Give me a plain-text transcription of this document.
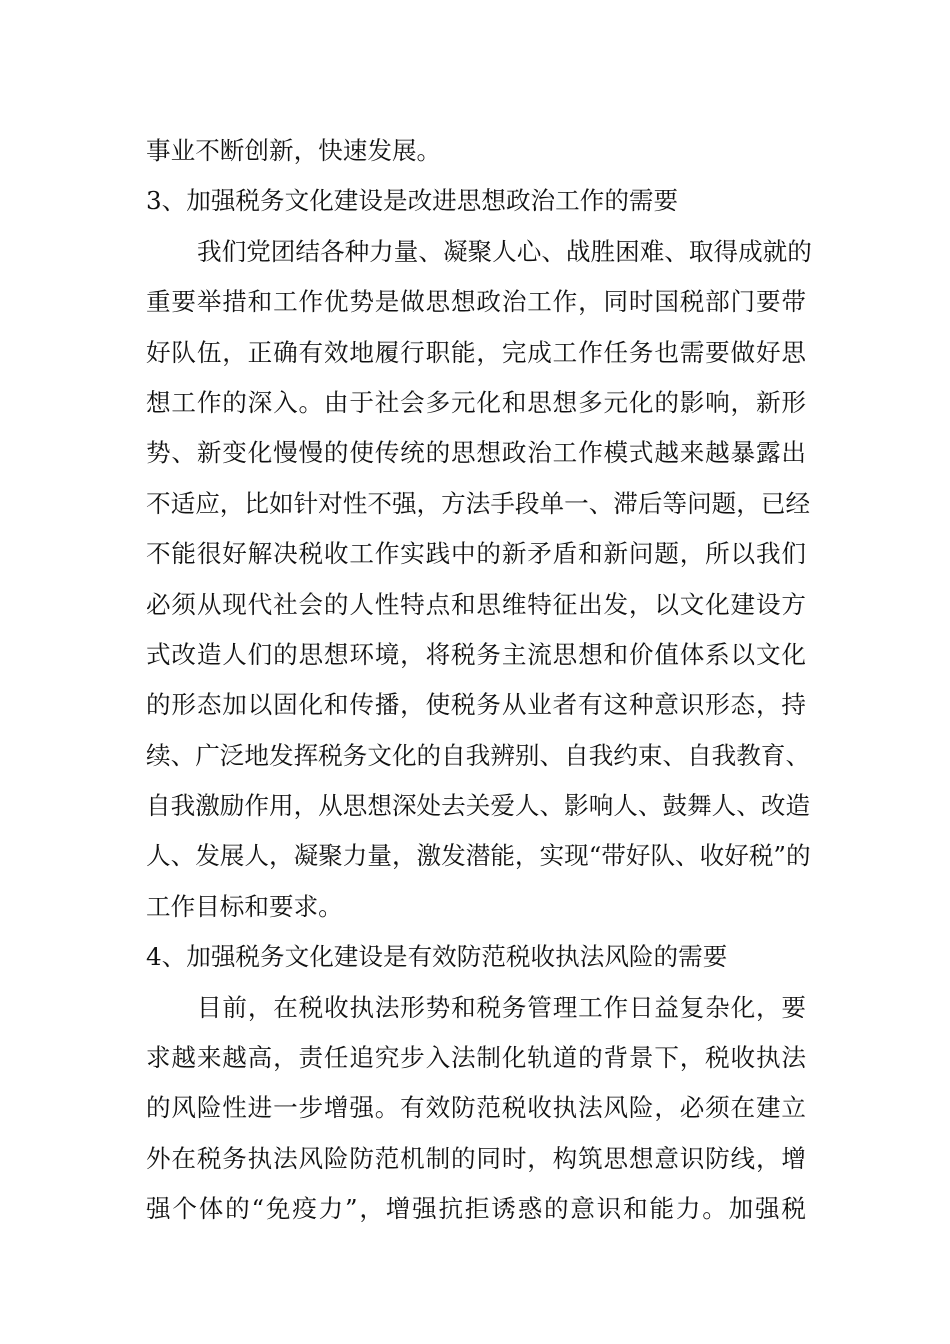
事业不断创新，快速发展。
3、加强税务文化建设是改进思想政治工作的需要
我们党团结各种力量、凝聚人心、战胜困难、取得成就的
重要举措和工作优势是做思想政治工作，同时国税部门要带
好队伍，正确有效地履行职能，完成工作任务也需要做好思
想工作的深入。由于社会多元化和思想多元化的影响，新形
势、新变化慢慢的使传统的思想政治工作模式越来越暴露出
不适应，比如针对性不强，方法手段单一、滞后等问题，已经
不能很好解决税收工作实践中的新矛盾和新问题，所以我们
必须从现代社会的人性特点和思维特征出发，以文化建设方
式改造人们的思想环境，将税务主流思想和价值体系以文化
的形态加以固化和传播，使税务从业者有这种意识形态，持
续、广泛地发挥税务文化的自我辨别、自我约束、自我教育、
自我激励作用，从思想深处去关爱人、影响人、鼓舞人、改造
人、发展人，凝聚力量，激发潜能，实现“带好队、收好税”的
工作目标和要求。
4、加强税务文化建设是有效防范税收执法风险的需要
目前，在税收执法形势和税务管理工作日益复杂化，要
求越来越高，责任追究步入法制化轨道的背景下，税收执法
的风险性进一步增强。有效防范税收执法风险，必须在建立
外在税务执法风险防范机制的同时，构筑思想意识防线，增
强个体的“免疫力”，增强抗拒诱惑的意识和能力。加强税
